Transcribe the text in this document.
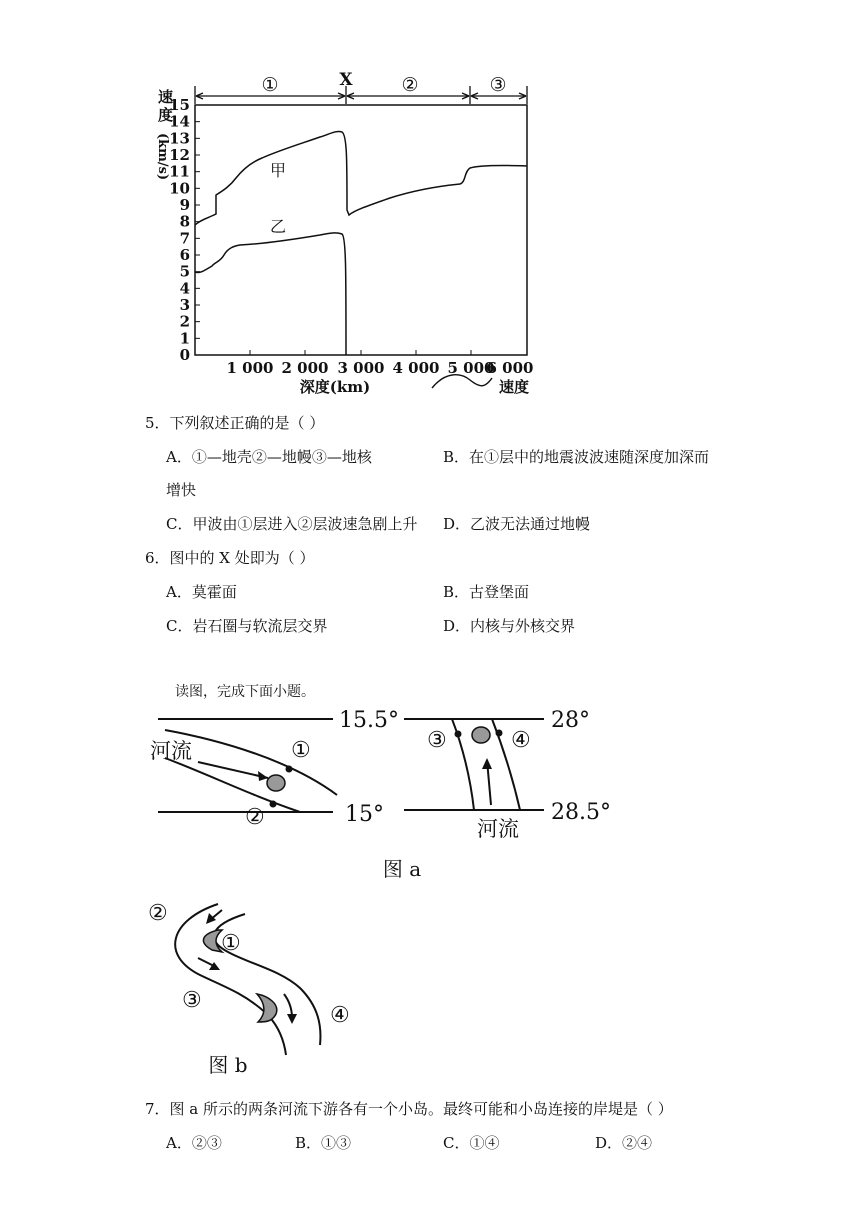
①	X	②	③
15
14
13
12
11
10
9
8
7
6
5
4
3
2
1
0
速
度
(km/s)
1 000 2 000 3 000 4 000 5 000
6 000
深度(km)	速度
甲
乙
5．下列叙述正确的是（ ）
A．①—地壳②—地幔③—地核	B．在①层中的地震波波速随深度加深而
增快
C．甲波由①层进入②层波速急剧上升 D．乙波无法通过地幔
6．图中的 X 处即为（ ）
A．莫霍面	B．古登堡面
C．岩石圈与软流层交界	D．内核与外核交界
读图，完成下面小题。
15.5°
15°
河流	①
②
28°
28.5°
③	④
河流
图 a
②
①
③
④
图 b
7．图 a 所示的两条河流下游各有一个小岛。最终可能和小岛连接的岸堤是（ ）
A．②③	B．①③	C．①④	D．②④
